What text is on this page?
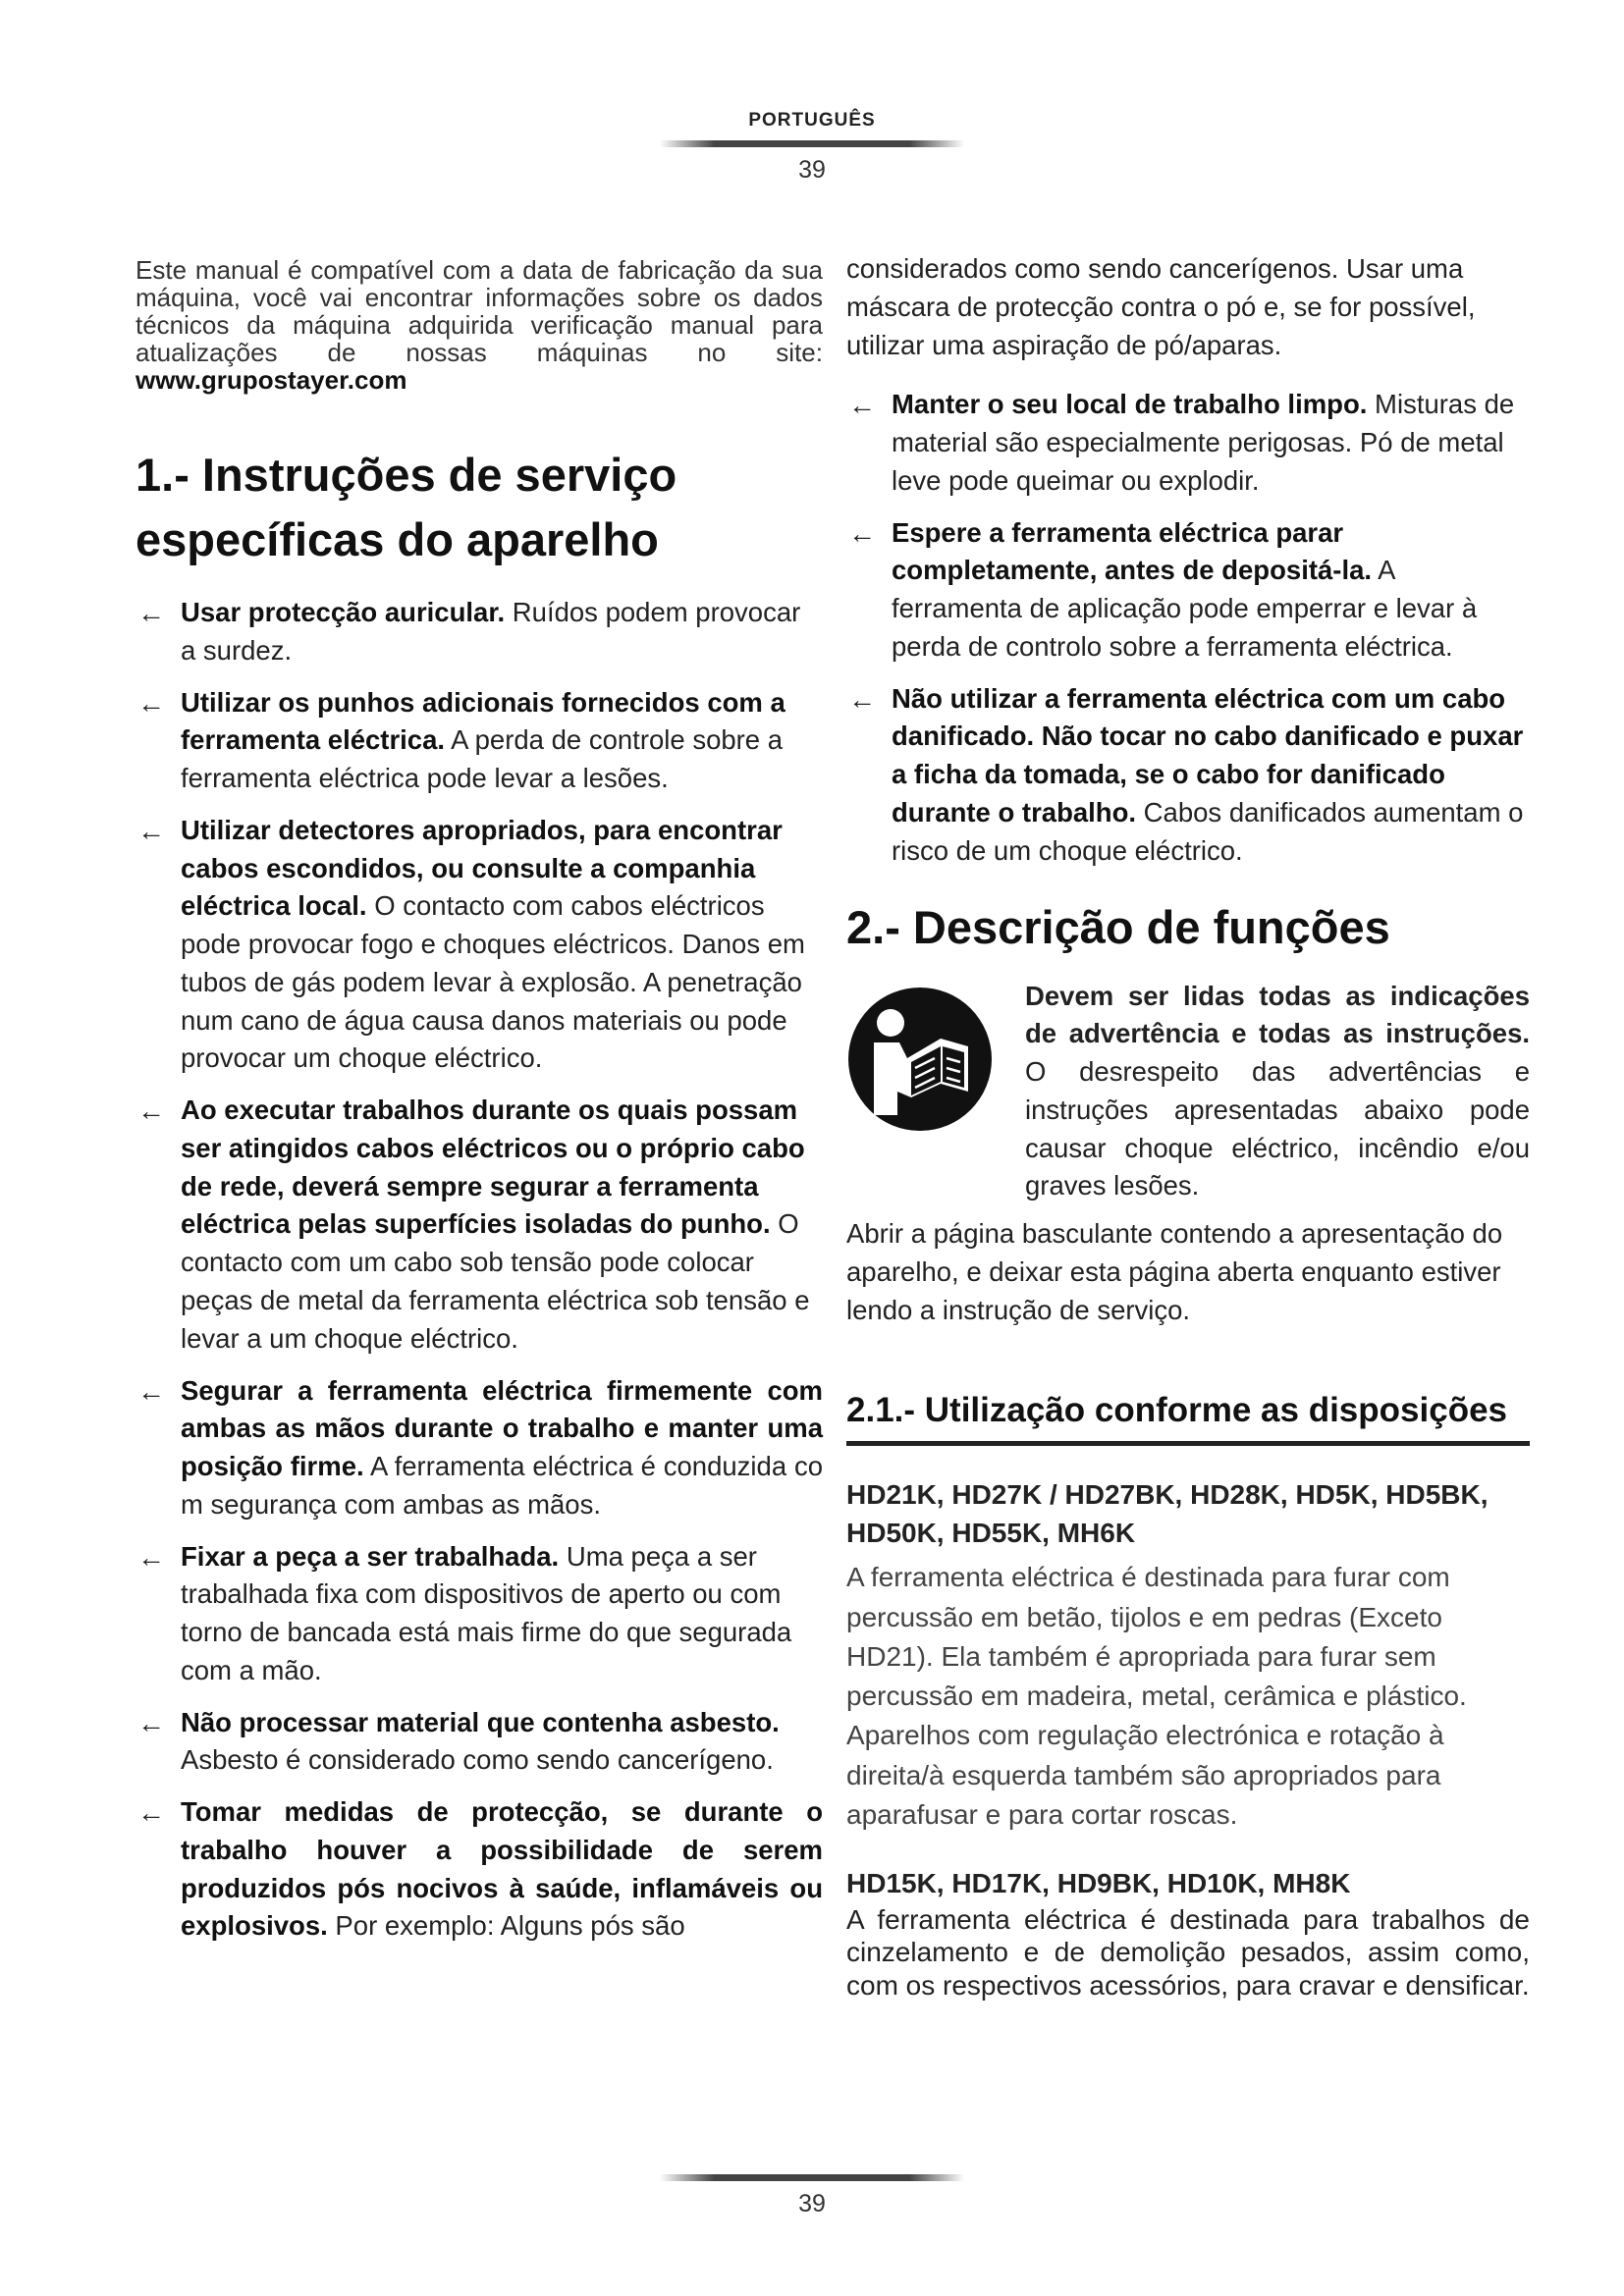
PORTUGUÊS
39

Este manual é compatível com a data de fabricação da sua máquina, você vai encontrar informações sobre os dados técnicos da máquina adquirida verificação manual para atualizações de nossas máquinas no site: www.grupostayer.com

1.- Instruções de serviço
específicas do aparelho
← Usar protecção auricular. Ruídos podem provocar a surdez.
← Utilizar os punhos adicionais fornecidos com a ferramenta eléctrica. A perda de controle sobre a ferramenta eléctrica pode levar a lesões.
← Utilizar detectores apropriados, para encontrar cabos escondidos, ou consulte a companhia eléctrica local. O contacto com cabos eléctricos pode provocar fogo e choques eléctricos. Danos em tubos de gás podem levar à explosão. A penetração num cano de água causa danos materiais ou pode provocar um choque eléctrico.
← Ao executar trabalhos durante os quais possam ser atingidos cabos eléctricos ou o próprio cabo de rede, deverá sempre segurar a ferramenta eléctrica pelas superfícies isoladas do punho. O contacto com um cabo sob tensão pode colocar peças de metal da ferramenta eléctrica sob tensão e levar a um choque eléctrico.
← Segurar a ferramenta eléctrica firmemente com ambas as mãos durante o trabalho e manter uma posição firme. A ferramenta eléctrica é conduzida co m segurança com ambas as mãos.
← Fixar a peça a ser trabalhada. Uma peça a ser trabalhada fixa com dispositivos de aperto ou com torno de bancada está mais firme do que segurada com a mão.
← Não processar material que contenha asbesto. Asbesto é considerado como sendo cancerígeno.
← Tomar medidas de protecção, se durante o trabalho houver a possibilidade de serem produzidos pós nocivos à saúde, inflamáveis ou explosivos. Por exemplo: Alguns pós são

considerados como sendo cancerígenos. Usar uma máscara de protecção contra o pó e, se for possível, utilizar uma aspiração de pó/aparas.

← Manter o seu local de trabalho limpo. Misturas de material são especialmente perigosas. Pó de metal leve pode queimar ou explodir.
← Espere a ferramenta eléctrica parar completamente, antes de depositá-la. A ferramenta de aplicação pode emperrar e levar à perda de controlo sobre a ferramenta eléctrica.
← Não utilizar a ferramenta eléctrica com um cabo danificado. Não tocar no cabo danificado e puxar a ficha da tomada, se o cabo for danificado durante o trabalho. Cabos danificados aumentam o risco de um choque eléctrico.
2.- Descrição de funções
Devem ser lidas todas as indicações de advertência e todas as instruções. O desrespeito das advertências e instruções apresentadas abaixo pode causar choque eléctrico, incêndio e/ou graves lesões.

Abrir a página basculante contendo a apresentação do aparelho, e deixar esta página aberta enquanto estiver lendo a instrução de serviço.

2.1.- Utilização conforme as disposições
HD21K, HD27K / HD27BK, HD28K, HD5K, HD5BK, HD50K, HD55K, MH6K

A ferramenta eléctrica é destinada para furar com percussão em betão, tijolos e em pedras (Exceto HD21). Ela também é apropriada para furar sem percussão em madeira, metal, cerâmica e plástico. Aparelhos com regulação electrónica e rotação à direita/à esquerda também são apropriados para aparafusar e para cortar roscas.

HD15K, HD17K, HD9BK, HD10K, MH8K

A ferramenta eléctrica é destinada para trabalhos de cinzelamento e de demolição pesados, assim como, com os respectivos acessórios, para cravar e densificar.

39
